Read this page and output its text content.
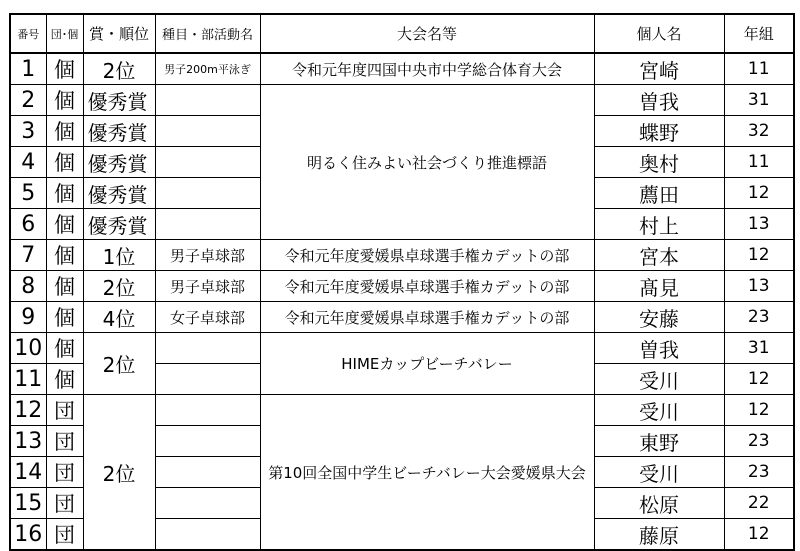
番号	団･個	賞・順位	種目・部活動名	大会名等	個人名	年組
1	個	2位	男子200m平泳ぎ	令和元年度四国中央市中学総合体育大会	宮崎	11
2	個	優秀賞		明るく住みよい社会づくり推進標語	曽我	31
3	個	優秀賞			蝶野	32
4	個	優秀賞			奥村	11
5	個	優秀賞			薦田	12
6	個	優秀賞			村上	13
7	個	1位	男子卓球部	令和元年度愛媛県卓球選手権カデットの部	宮本	12
8	個	2位	男子卓球部	令和元年度愛媛県卓球選手権カデットの部	髙見	13
9	個	4位	女子卓球部	令和元年度愛媛県卓球選手権カデットの部	安藤	23
10	個	2位		HIMEカップビーチバレー	曽我	31
11	個				受川	12
12	団	2位		第10回全国中学生ビーチバレー大会愛媛県大会	受川	12
13	団				東野	23
14	団				受川	23
15	団				松原	22
16	団				藤原	12
